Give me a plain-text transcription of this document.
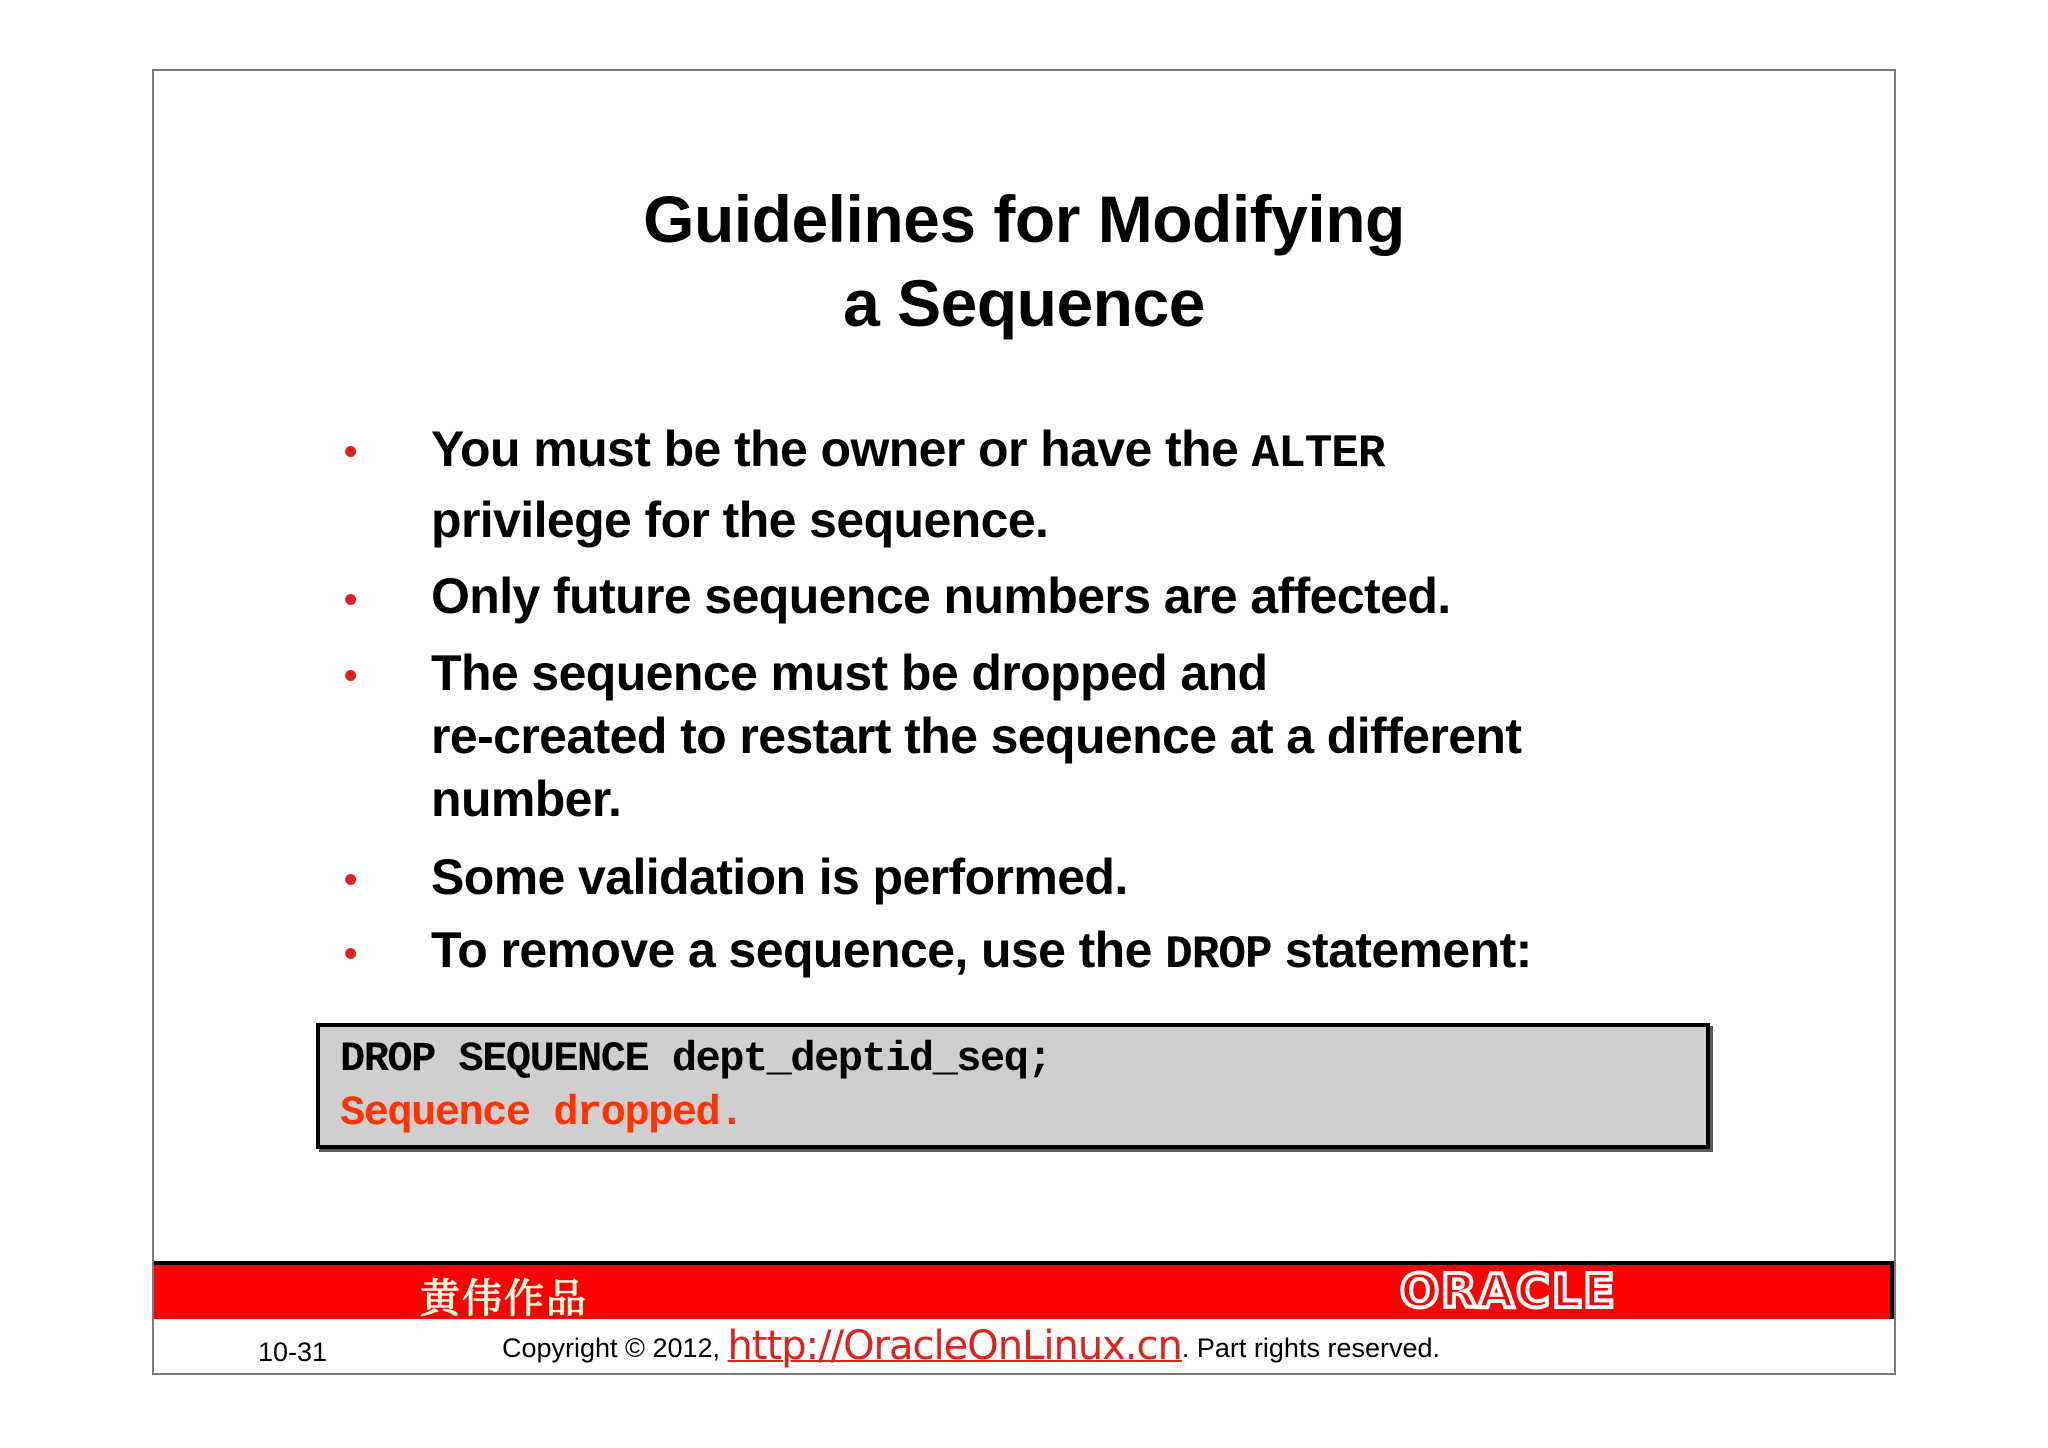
Guidelines for Modifying
a Sequence
• You must be the owner or have the ALTER
privilege for the sequence.
• Only future sequence numbers are affected.
• The sequence must be dropped and
re-created to restart the sequence at a different
number.
• Some validation is performed.
• To remove a sequence, use the DROP statement:
DROP SEQUENCE dept_deptid_seq;
Sequence dropped.
黄伟作品	ORACLE
10-31	Copyright © 2012, http://OracleOnLinux.cn. Part rights reserved.
